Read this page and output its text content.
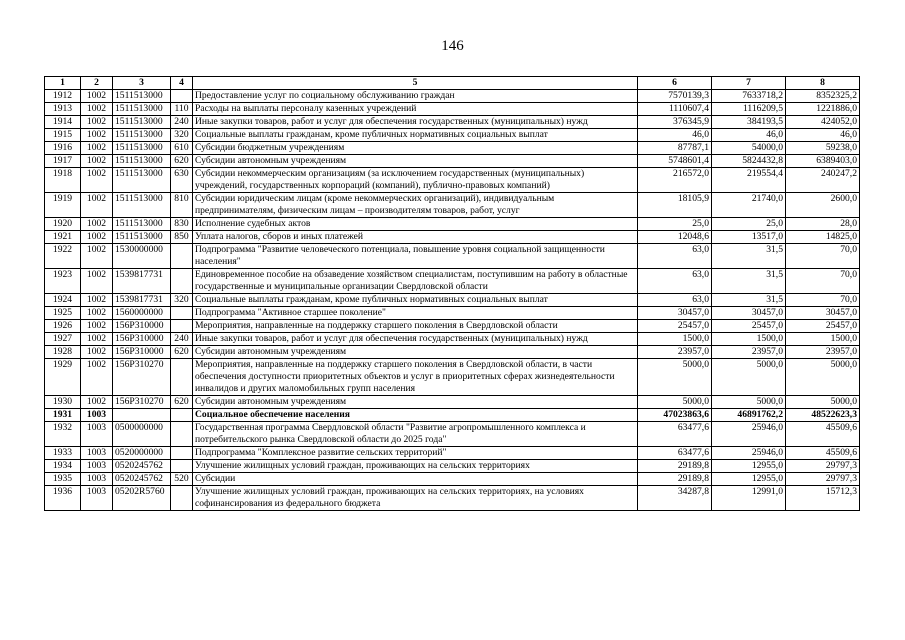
146
1	2	3	4	5	6	7	8
1912	1002	1511513000		Предоставление услуг по социальному обслуживанию граждан	7570139,3	7633718,2	8352325,2
1913	1002	1511513000	110	Расходы на выплаты персоналу казенных учреждений	1110607,4	1116209,5	1221886,0
1914	1002	1511513000	240	Иные закупки товаров, работ и услуг для обеспечения государственных (муниципальных) нужд	376345,9	384193,5	424052,0
1915	1002	1511513000	320	Социальные выплаты гражданам, кроме публичных нормативных социальных выплат	46,0	46,0	46,0
1916	1002	1511513000	610	Субсидии бюджетным учреждениям	87787,1	54000,0	59238,0
1917	1002	1511513000	620	Субсидии автономным учреждениям	5748601,4	5824432,8	6389403,0
1918	1002	1511513000	630	Субсидии некоммерческим организациям (за исключением государственных (муниципальных) учреждений, государственных корпораций (компаний), публично-правовых компаний)	216572,0	219554,4	240247,2
1919	1002	1511513000	810	Субсидии юридическим лицам (кроме некоммерческих организаций), индивидуальным предпринимателям, физическим лицам – производителям товаров, работ, услуг	18105,9	21740,0	2600,0
1920	1002	1511513000	830	Исполнение судебных актов	25,0	25,0	28,0
1921	1002	1511513000	850	Уплата налогов, сборов и иных платежей	12048,6	13517,0	14825,0
1922	1002	1530000000		Подпрограмма "Развитие человеческого потенциала, повышение уровня социальной защищенности населения"	63,0	31,5	70,0
1923	1002	1539817731		Единовременное пособие на обзаведение хозяйством специалистам, поступившим на работу в областные государственные и муниципальные организации Свердловской области	63,0	31,5	70,0
1924	1002	1539817731	320	Социальные выплаты гражданам, кроме публичных нормативных социальных выплат	63,0	31,5	70,0
1925	1002	1560000000		Подпрограмма "Активное старшее поколение"	30457,0	30457,0	30457,0
1926	1002	156P310000		Мероприятия, направленные на поддержку старшего поколения в Свердловской области	25457,0	25457,0	25457,0
1927	1002	156P310000	240	Иные закупки товаров, работ и услуг для обеспечения государственных (муниципальных) нужд	1500,0	1500,0	1500,0
1928	1002	156P310000	620	Субсидии автономным учреждениям	23957,0	23957,0	23957,0
1929	1002	156P310270		Мероприятия, направленные на поддержку старшего поколения в Свердловской области, в части обеспечения доступности приоритетных объектов и услуг в приоритетных сферах жизнедеятельности инвалидов и других маломобильных групп населения	5000,0	5000,0	5000,0
1930	1002	156P310270	620	Субсидии автономным учреждениям	5000,0	5000,0	5000,0
1931	1003			Социальное обеспечение населения	47023863,6	46891762,2	48522623,3
1932	1003	0500000000		Государственная программа Свердловской области "Развитие агропромышленного комплекса и потребительского рынка Свердловской области до 2025 года"	63477,6	25946,0	45509,6
1933	1003	0520000000		Подпрограмма "Комплексное развитие сельских территорий"	63477,6	25946,0	45509,6
1934	1003	0520245762		Улучшение жилищных условий граждан, проживающих на сельских территориях	29189,8	12955,0	29797,3
1935	1003	0520245762	520	Субсидии	29189,8	12955,0	29797,3
1936	1003	05202R5760		Улучшение жилищных условий граждан, проживающих на сельских территориях, на условиях софинансирования из федерального бюджета	34287,8	12991,0	15712,3
